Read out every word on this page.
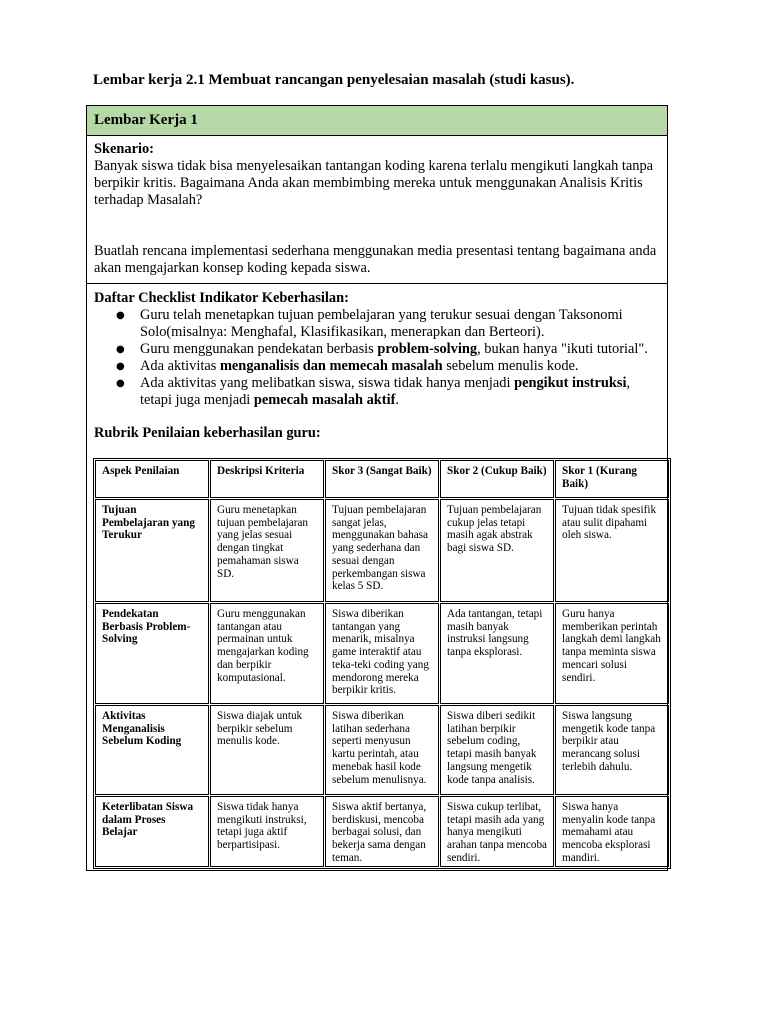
Lembar kerja 2.1 Membuat rancangan penyelesaian masalah (studi kasus).
Lembar Kerja 1
Skenario:

Banyak siswa tidak bisa menyelesaikan tantangan koding karena terlalu mengikuti langkah tanpa berpikir kritis. Bagaimana Anda akan membimbing mereka untuk menggunakan Analisis Kritis terhadap Masalah?

Buatlah rencana implementasi sederhana menggunakan media presentasi tentang bagaimana anda akan mengajarkan konsep koding kepada siswa.

Daftar Checklist Indikator Keberhasilan:
● Guru telah menetapkan tujuan pembelajaran yang terukur sesuai dengan Taksonomi Solo(misalnya: Menghafal, Klasifikasikan, menerapkan dan Berteori).
● Guru menggunakan pendekatan berbasis problem-solving, bukan hanya "ikuti tutorial".
● Ada aktivitas menganalisis dan memecah masalah sebelum menulis kode.
● Ada aktivitas yang melibatkan siswa, siswa tidak hanya menjadi pengikut instruksi, tetapi juga menjadi pemecah masalah aktif.
Rubrik Penilaian keberhasilan guru:
Aspek Penilaian	Deskripsi Kriteria	Skor 3 (Sangat Baik)	Skor 2 (Cukup Baik)	Skor 1 (Kurang Baik)
Tujuan Pembelajaran yang Terukur	Guru menetapkan tujuan pembelajaran yang jelas sesuai dengan tingkat pemahaman siswa SD.	Tujuan pembelajaran sangat jelas, menggunakan bahasa yang sederhana dan sesuai dengan perkembangan siswa kelas 5 SD.	Tujuan pembelajaran cukup jelas tetapi masih agak abstrak bagi siswa SD.	Tujuan tidak spesifik atau sulit dipahami oleh siswa.
Pendekatan Berbasis Problem-Solving	Guru menggunakan tantangan atau permainan untuk mengajarkan koding dan berpikir komputasional.	Siswa diberikan tantangan yang menarik, misalnya game interaktif atau teka-teki coding yang mendorong mereka berpikir kritis.	Ada tantangan, tetapi masih banyak instruksi langsung tanpa eksplorasi.	Guru hanya memberikan perintah langkah demi langkah tanpa meminta siswa mencari solusi sendiri.
Aktivitas Menganalisis Sebelum Koding	Siswa diajak untuk berpikir sebelum menulis kode.	Siswa diberikan latihan sederhana seperti menyusun kartu perintah, atau menebak hasil kode sebelum menulisnya.	Siswa diberi sedikit latihan berpikir sebelum coding, tetapi masih banyak langsung mengetik kode tanpa analisis.	Siswa langsung mengetik kode tanpa berpikir atau merancang solusi terlebih dahulu.
Keterlibatan Siswa dalam Proses Belajar	Siswa tidak hanya mengikuti instruksi, tetapi juga aktif berpartisipasi.	Siswa aktif bertanya, berdiskusi, mencoba berbagai solusi, dan bekerja sama dengan teman.	Siswa cukup terlibat, tetapi masih ada yang hanya mengikuti arahan tanpa mencoba sendiri.	Siswa hanya menyalin kode tanpa memahami atau mencoba eksplorasi mandiri.
